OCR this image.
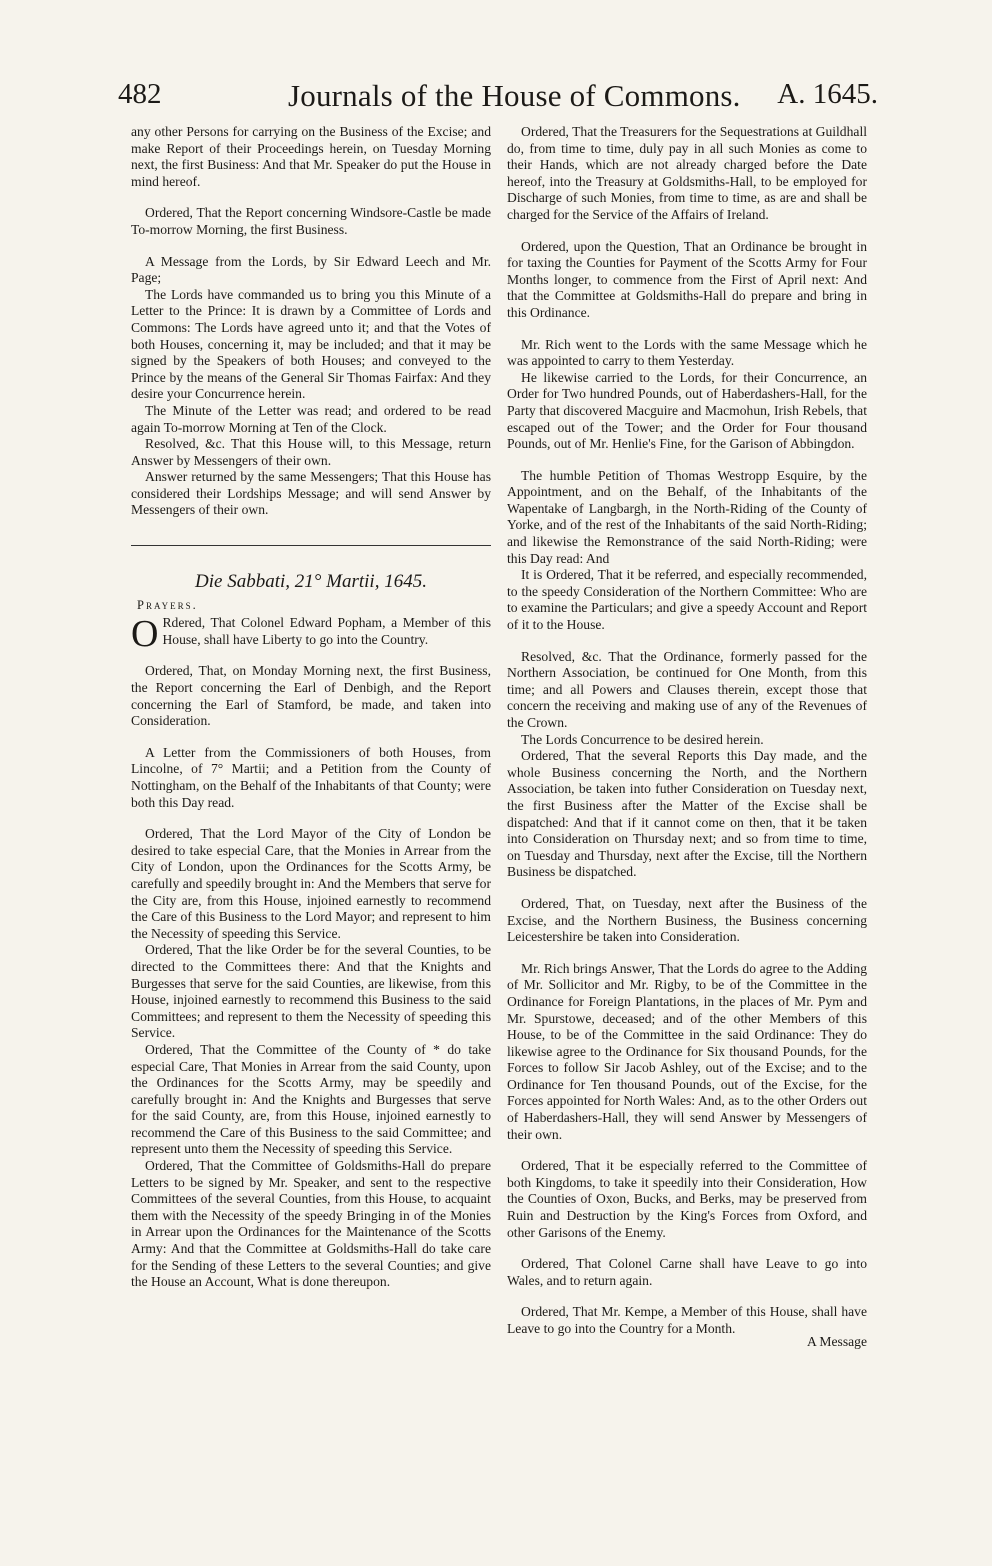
482	Journals of the House of Commons. A. 1645.

any other Persons for carrying on the Business of the Excise; and make Report of their Proceedings herein, on Tuesday Morning next, the first Business: And that Mr. Speaker do put the House in mind hereof.

Ordered, That the Report concerning Windsore-Castle be made To-morrow Morning, the first Business.

A Message from the Lords, by Sir Edward Leech and Mr. Page;

The Lords have commanded us to bring you this Minute of a Letter to the Prince: It is drawn by a Committee of Lords and Commons: The Lords have agreed unto it; and that the Votes of both Houses, concerning it, may be included; and that it may be signed by the Speakers of both Houses; and conveyed to the Prince by the means of the General Sir Thomas Fairfax: And they desire your Concurrence herein.

The Minute of the Letter was read; and ordered to be read again To-morrow Morning at Ten of the Clock.

Resolved, &c. That this House will, to this Message, return Answer by Messengers of their own.

Answer returned by the same Messengers; That this House has considered their Lordships Message; and will send Answer by Messengers of their own.

Die Sabbati, 21° Martii, 1645.
Prayers.

O Rdered, That Colonel Edward Popham, a Member of this House, shall have Liberty to go into the Country.

Ordered, That, on Monday Morning next, the first Business, the Report concerning the Earl of Denbigh, and the Report concerning the Earl of Stamford, be made, and taken into Consideration.

A Letter from the Commissioners of both Houses, from Lincolne, of 7° Martii; and a Petition from the County of Nottingham, on the Behalf of the Inhabitants of that County; were both this Day read.

Ordered, That the Lord Mayor of the City of London be desired to take especial Care, that the Monies in Arrear from the City of London, upon the Ordinances for the Scotts Army, be carefully and speedily brought in: And the Members that serve for the City are, from this House, injoined earnestly to recommend the Care of this Business to the Lord Mayor; and represent to him the Necessity of speeding this Service.

Ordered, That the like Order be for the several Counties, to be directed to the Committees there: And that the Knights and Burgesses that serve for the said Counties, are likewise, from this House, injoined earnestly to recommend this Business to the said Committees; and represent to them the Necessity of speeding this Service.

Ordered, That the Committee of the County of * do take especial Care, That Monies in Arrear from the said County, upon the Ordinances for the Scotts Army, may be speedily and carefully brought in: And the Knights and Burgesses that serve for the said County, are, from this House, injoined earnestly to recommend the Care of this Business to the said Committee; and represent unto them the Necessity of speeding this Service.

Ordered, That the Committee of Goldsmiths-Hall do prepare Letters to be signed by Mr. Speaker, and sent to the respective Committees of the several Counties, from this House, to acquaint them with the Necessity of the speedy Bringing in of the Monies in Arrear upon the Ordinances for the Maintenance of the Scotts Army: And that the Committee at Goldsmiths-Hall do take care for the Sending of these Letters to the several Counties; and give the House an Account, What is done thereupon.

Ordered, That the Treasurers for the Sequestrations at Guildhall do, from time to time, duly pay in all such Monies as come to their Hands, which are not already charged before the Date hereof, into the Treasury at Goldsmiths-Hall, to be employed for Discharge of such Monies, from time to time, as are and shall be charged for the Service of the Affairs of Ireland.

Ordered, upon the Question, That an Ordinance be brought in for taxing the Counties for Payment of the Scotts Army for Four Months longer, to commence from the First of April next: And that the Committee at Goldsmiths-Hall do prepare and bring in this Ordinance.

Mr. Rich went to the Lords with the same Message which he was appointed to carry to them Yesterday.

He likewise carried to the Lords, for their Concurrence, an Order for Two hundred Pounds, out of Haberdashers-Hall, for the Party that discovered Macguire and Macmohun, Irish Rebels, that escaped out of the Tower; and the Order for Four thousand Pounds, out of Mr. Henlie's Fine, for the Garison of Abbingdon.

The humble Petition of Thomas Westropp Esquire, by the Appointment, and on the Behalf, of the Inhabitants of the Wapentake of Langbargh, in the North-Riding of the County of Yorke, and of the rest of the Inhabitants of the said North-Riding; and likewise the Remonstrance of the said North-Riding; were this Day read: And

It is Ordered, That it be referred, and especially recommended, to the speedy Consideration of the Northern Committee: Who are to examine the Particulars; and give a speedy Account and Report of it to the House.

Resolved, &c. That the Ordinance, formerly passed for the Northern Association, be continued for One Month, from this time; and all Powers and Clauses therein, except those that concern the receiving and making use of any of the Revenues of the Crown.

The Lords Concurrence to be desired herein.

Ordered, That the several Reports this Day made, and the whole Business concerning the North, and the Northern Association, be taken into futher Consideration on Tuesday next, the first Business after the Matter of the Excise shall be dispatched: And that if it cannot come on then, that it be taken into Consideration on Thursday next; and so from time to time, on Tuesday and Thursday, next after the Excise, till the Northern Business be dispatched.

Ordered, That, on Tuesday, next after the Business of the Excise, and the Northern Business, the Business concerning Leicestershire be taken into Consideration.

Mr. Rich brings Answer, That the Lords do agree to the Adding of Mr. Sollicitor and Mr. Rigby, to be of the Committee in the Ordinance for Foreign Plantations, in the places of Mr. Pym and Mr. Spurstowe, deceased; and of the other Members of this House, to be of the Committee in the said Ordinance: They do likewise agree to the Ordinance for Six thousand Pounds, for the Forces to follow Sir Jacob Ashley, out of the Excise; and to the Ordinance for Ten thousand Pounds, out of the Excise, for the Forces appointed for North Wales: And, as to the other Orders out of Haberdashers-Hall, they will send Answer by Messengers of their own.

Ordered, That it be especially referred to the Committee of both Kingdoms, to take it speedily into their Consideration, How the Counties of Oxon, Bucks, and Berks, may be preserved from Ruin and Destruction by the King's Forces from Oxford, and other Garisons of the Enemy.

Ordered, That Colonel Carne shall have Leave to go into Wales, and to return again.

Ordered, That Mr. Kempe, a Member of this House, shall have Leave to go into the Country for a Month.

A Message
